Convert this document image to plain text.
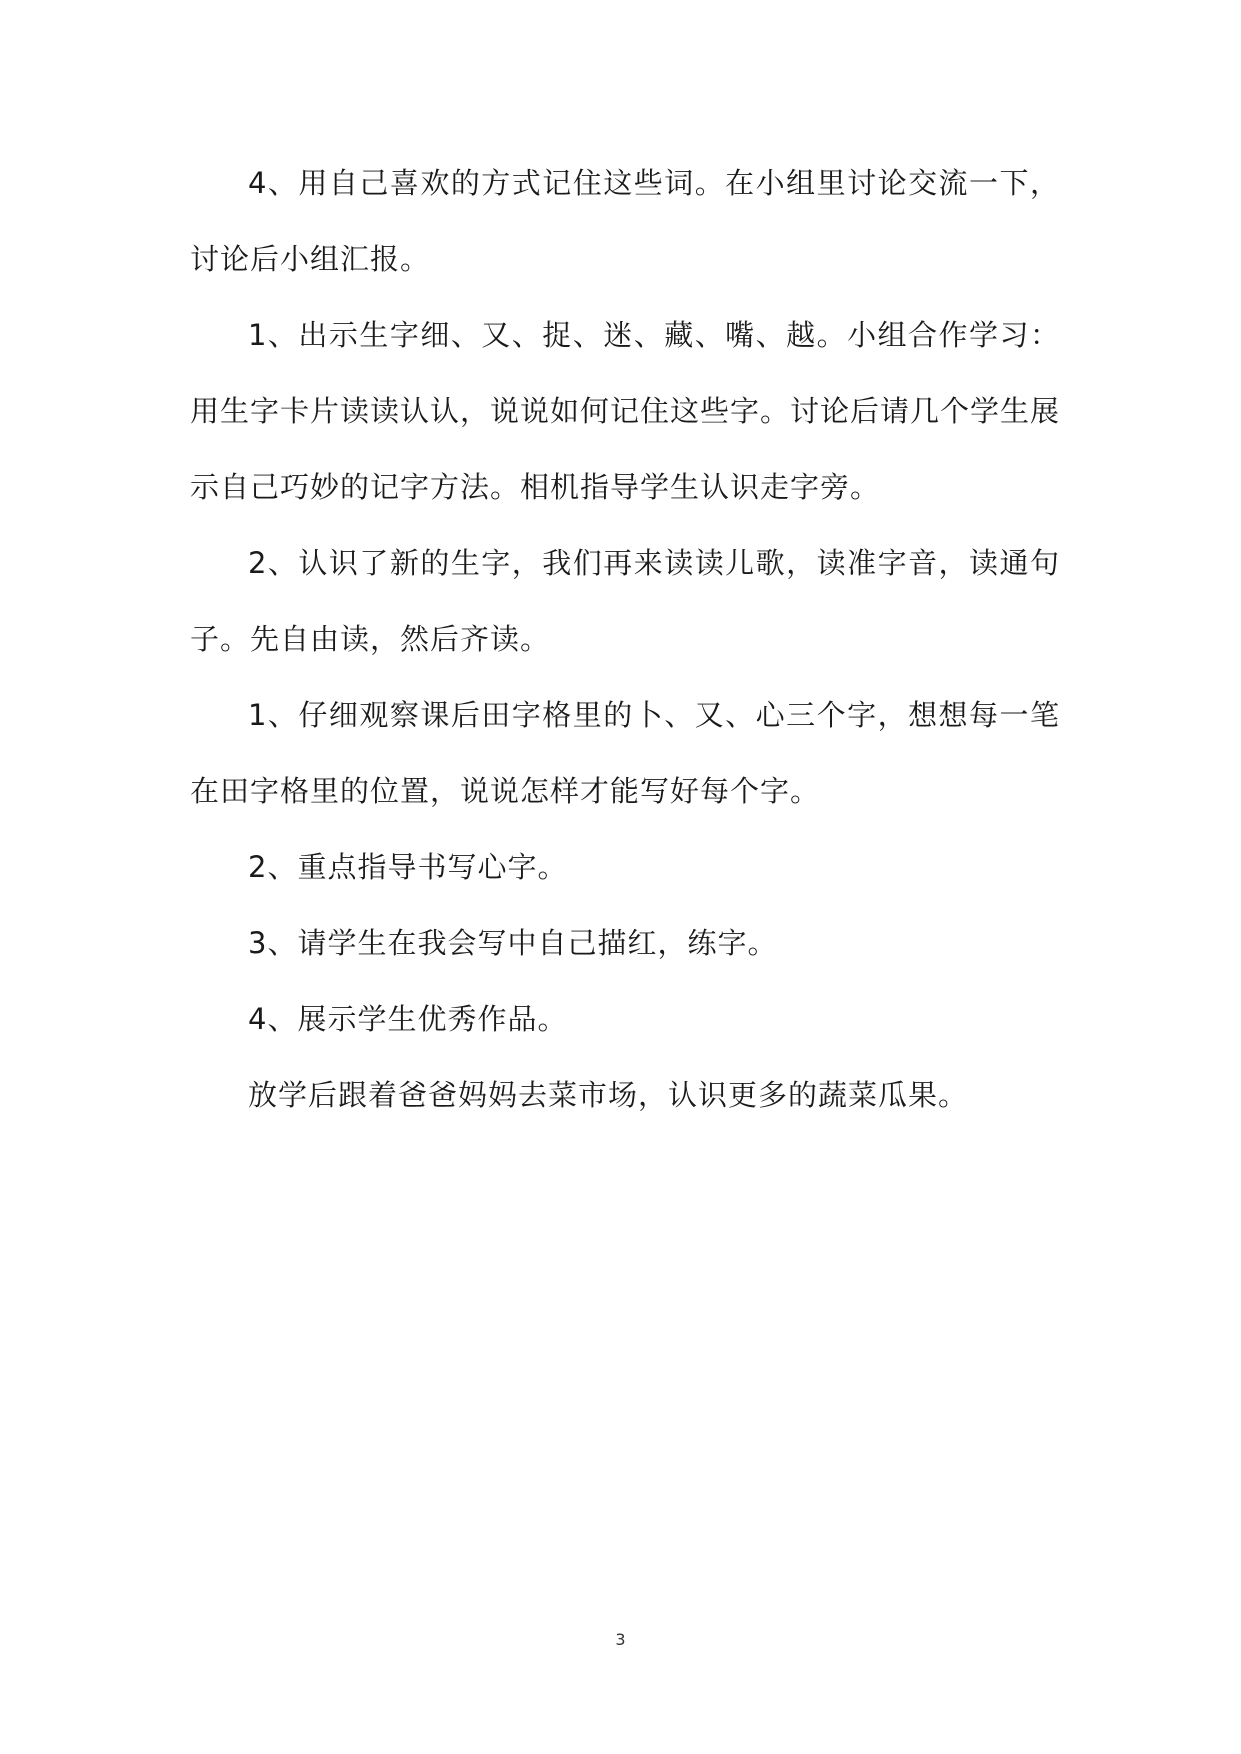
4、用自己喜欢的方式记住这些词。在小组里讨论交流一下，讨论后小组汇报。

1、出示生字细、又、捉、迷、藏、嘴、越。小组合作学习：用生字卡片读读认认，说说如何记住这些字。讨论后请几个学生展示自己巧妙的记字方法。相机指导学生认识走字旁。

2、认识了新的生字，我们再来读读儿歌，读准字音，读通句子。先自由读，然后齐读。

1、仔细观察课后田字格里的卜、又、心三个字，想想每一笔在田字格里的位置，说说怎样才能写好每个字。

2、重点指导书写心字。

3、请学生在我会写中自己描红，练字。

4、展示学生优秀作品。

放学后跟着爸爸妈妈去菜市场，认识更多的蔬菜瓜果。

3
